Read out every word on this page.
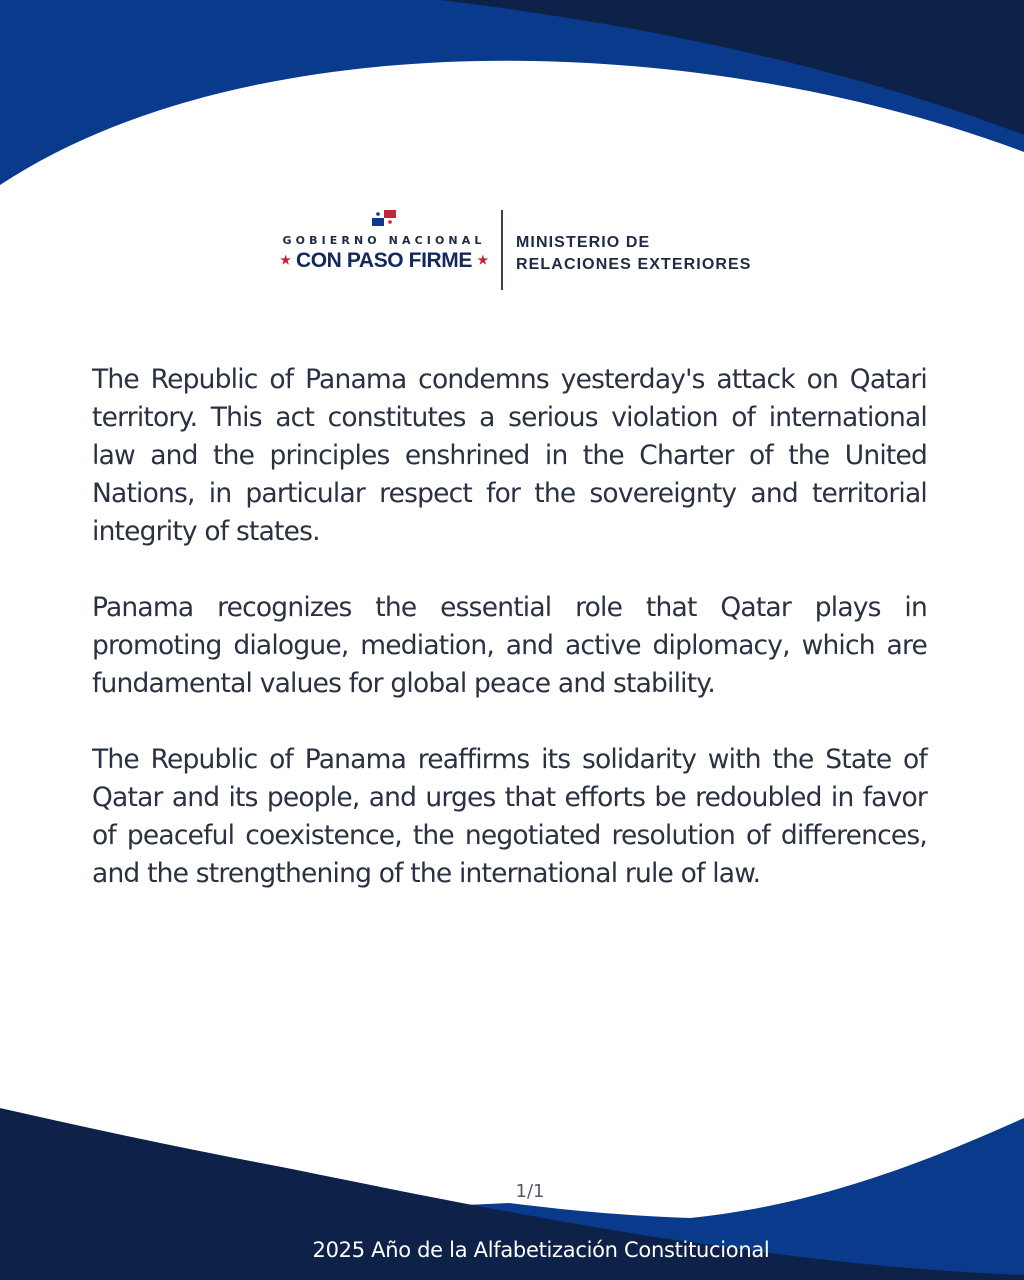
GOBIERNO NACIONAL
★ CON PASO FIRME ★
MINISTERIO DE
RELACIONES EXTERIORES

The Republic of Panama condemns yesterday's attack on Qatari territory. This act constitutes a serious violation of international law and the principles enshrined in the Charter of the United Nations, in particular respect for the sovereignty and territorial integrity of states.

Panama recognizes the essential role that Qatar plays in promoting dialogue, mediation, and active diplomacy, which are fundamental values for global peace and stability.

The Republic of Panama reaffirms its solidarity with the State of Qatar and its people, and urges that efforts be redoubled in favor of peaceful coexistence, the negotiated resolution of differences, and the strengthening of the international rule of law.

1/1
2025 Año de la Alfabetización Constitucional
